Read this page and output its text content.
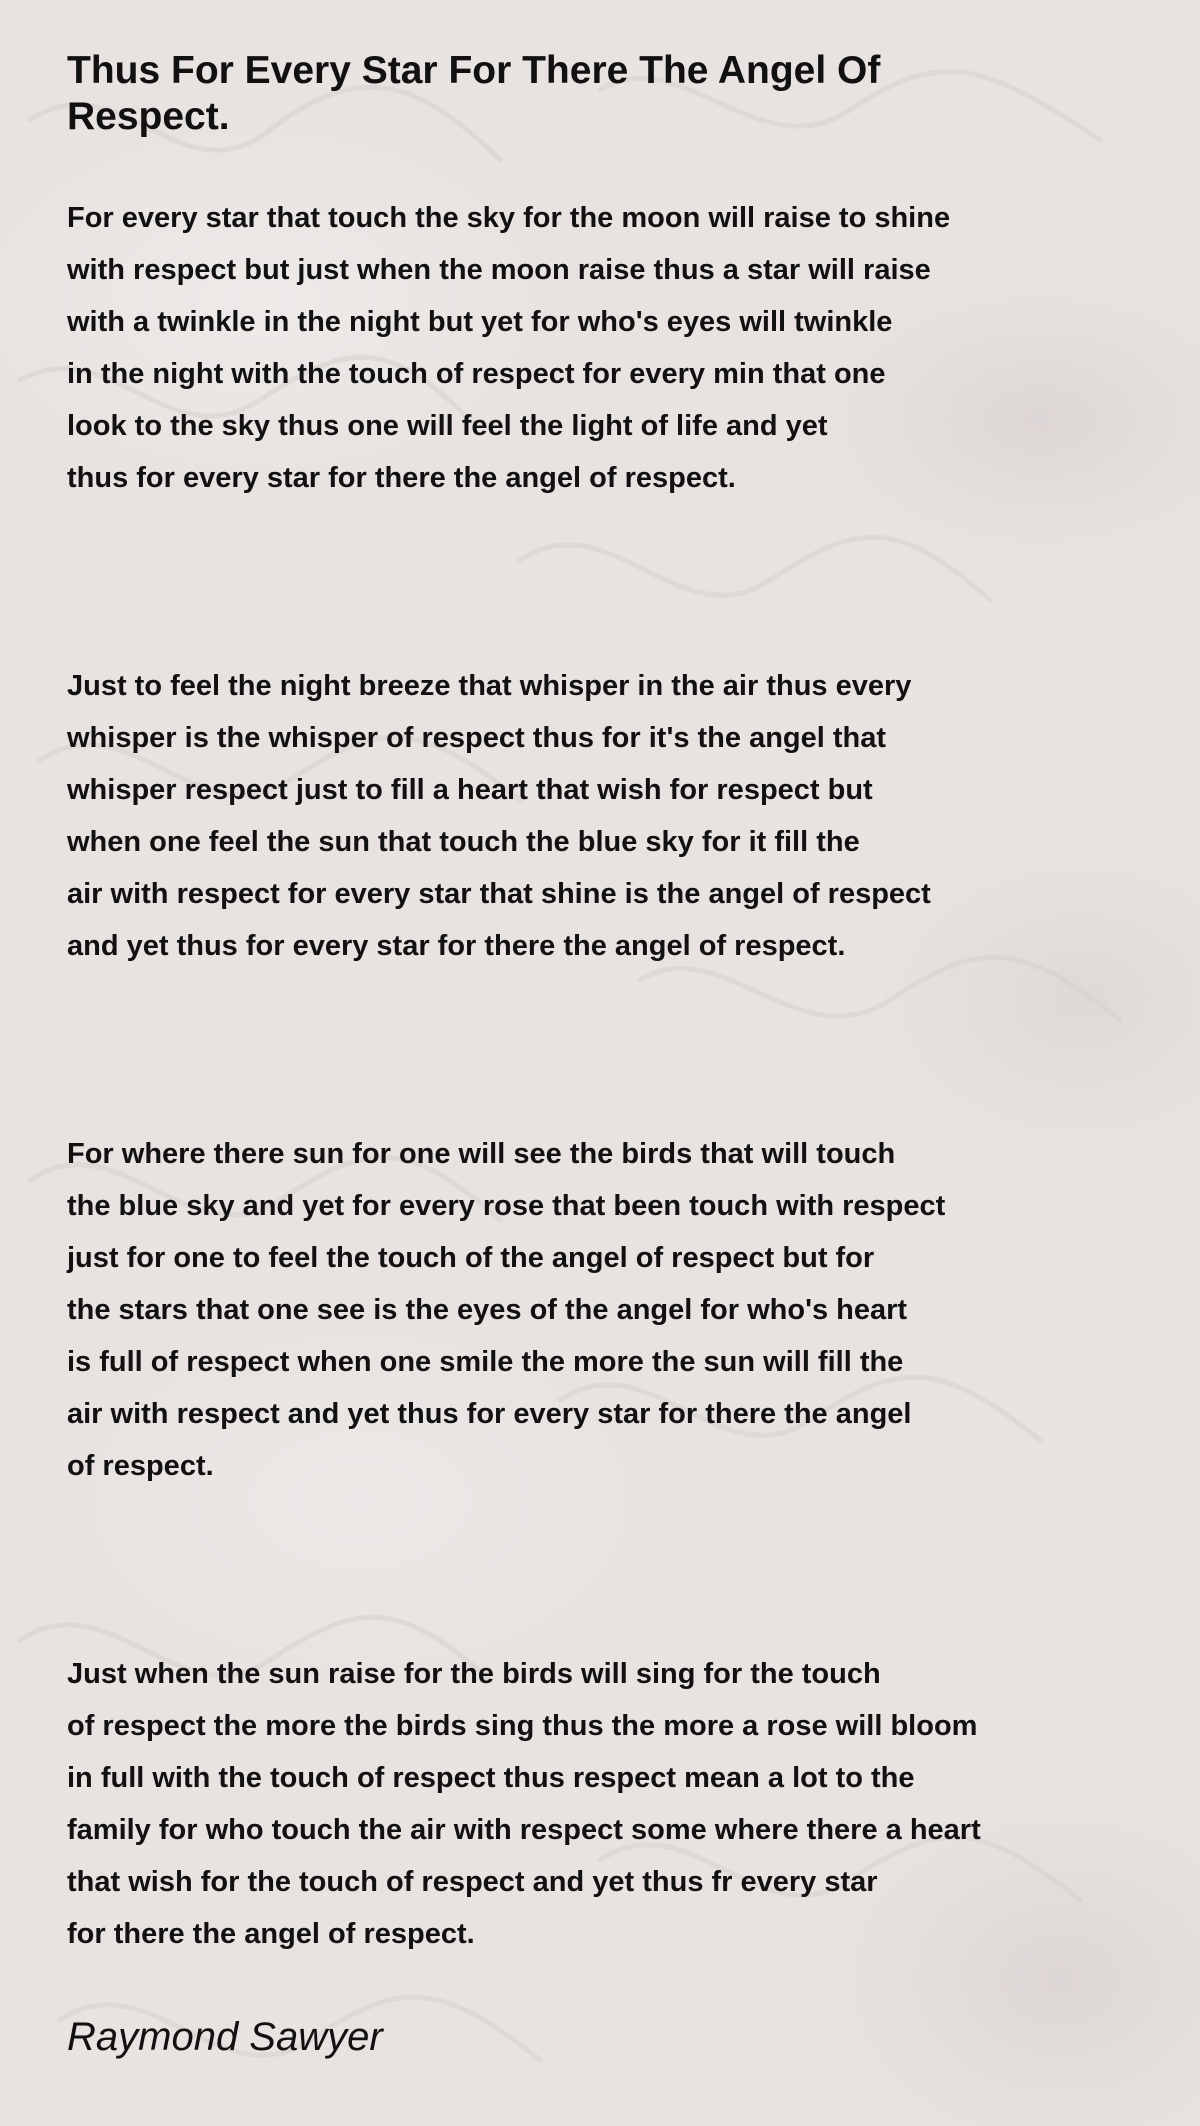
Thus For Every Star For There The Angel Of
Respect.
For every star that touch the sky for the moon will raise to shine
with respect but just when the moon raise thus a star will raise
with a twinkle in the night but yet for who's eyes will twinkle
in the night with the touch of respect for every min that one
look to the sky thus one will feel the light of life and yet
thus for every star for there the angel of respect.
Just to feel the night breeze that whisper in the air thus every
whisper is the whisper of respect thus for it's the angel that
whisper respect just to fill a heart that wish for respect but
when one feel the sun that touch the blue sky for it fill the
air with respect for every star that shine is the angel of respect
and yet thus for every star for there the angel of respect.
For where there sun for one will see the birds that will touch
the blue sky and yet for every rose that been touch with respect
just for one to feel the touch of the angel of respect but for
the stars that one see is the eyes of the angel for who's heart
is full of respect when one smile the more the sun will fill the
air with respect and yet thus for every star for there the angel
of respect.
Just when the sun raise for the birds will sing for the touch
of respect the more the birds sing thus the more a rose will bloom
in full with the touch of respect thus respect mean a lot to the
family for who touch the air with respect some where there a heart
that wish for the touch of respect and yet thus fr every star
for there the angel of respect.
Raymond Sawyer
